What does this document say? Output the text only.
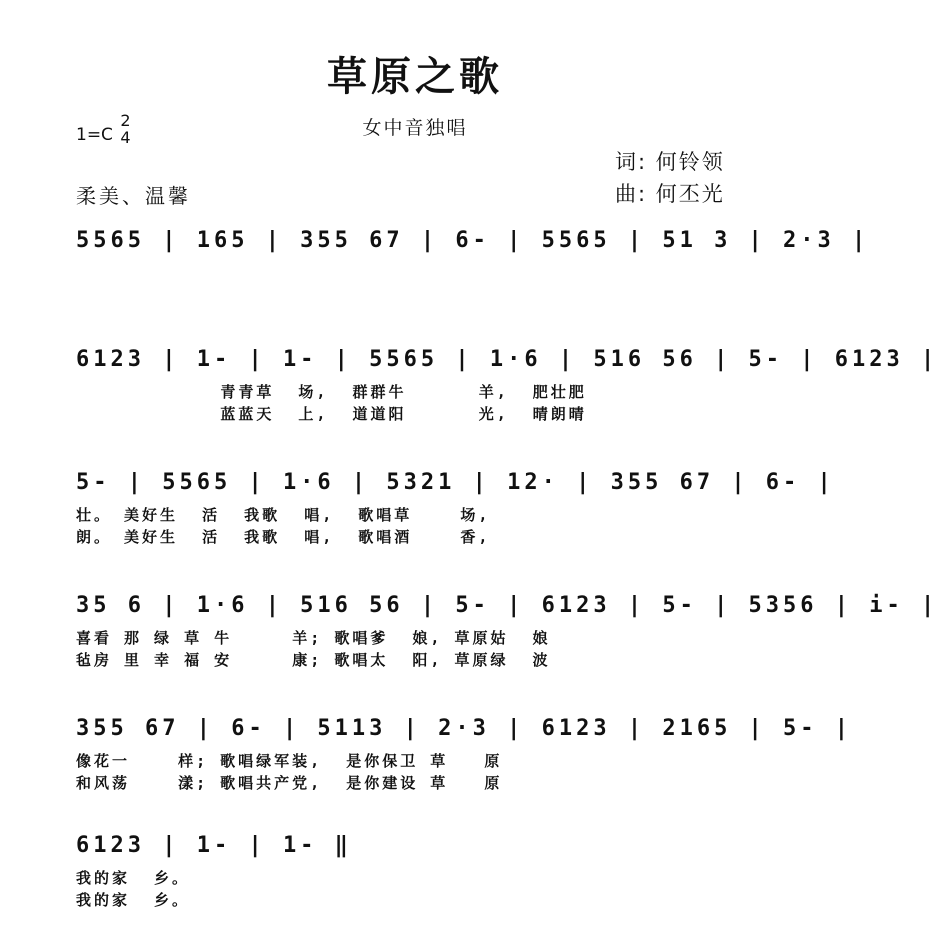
草原之歌
女中音独唱
1=C
2
4
词: 何铃领
曲: 何丕光
柔美、温馨
5565 | 165 | 355 67 | 6- | 5565 | 51 3 | 2·3 |
6123 | 1- | 1- | 5565 | 1·6 | 516 56 | 5- | 6123 |
青青草  场,  群群牛      羊,  肥壮肥
蓝蓝天  上,  道道阳      光,  晴朗晴
5- | 5565 | 1·6 | 5321 | 12· | 355 67 | 6- |
壮。 美好生  活  我歌  唱,  歌唱草    场,
朗。 美好生  活  我歌  唱,  歌唱酒    香,
35 6 | 1·6 | 516 56 | 5- | 6123 | 5- | 5356 | i- |
喜看 那 绿 草 牛     羊; 歌唱爹  娘, 草原姑  娘
毡房 里 幸 福 安     康; 歌唱太  阳, 草原绿  波
355 67 | 6- | 5113 | 2·3 | 6123 | 2165 | 5- |
像花一    样; 歌唱绿军装,  是你保卫 草   原
和风荡    漾; 歌唱共产党,  是你建设 草   原
6123 | 1- | 1- ‖
我的家  乡。
我的家  乡。
